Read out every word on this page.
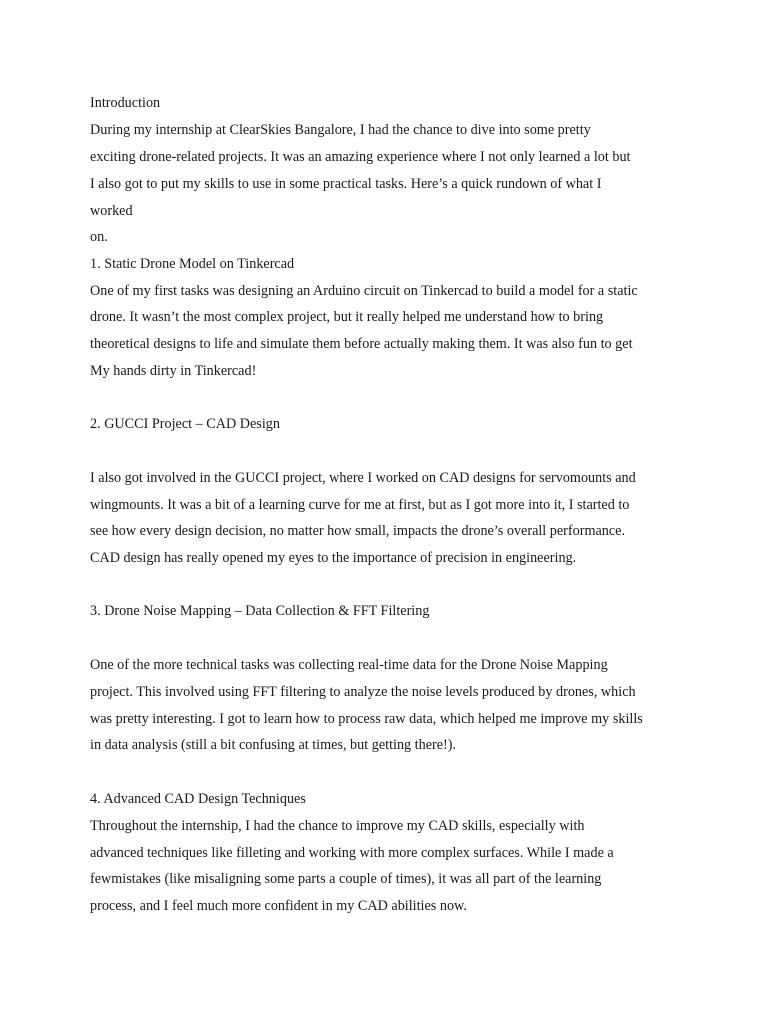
Introduction
During my internship at ClearSkies Bangalore, I had the chance to dive into some pretty
exciting drone-related projects. It was an amazing experience where I not only learned a lot but
I also got to put my skills to use in some practical tasks. Here’s a quick rundown of what I
worked
on.
1. Static Drone Model on Tinkercad
One of my first tasks was designing an Arduino circuit on Tinkercad to build a model for a static
drone. It wasn’t the most complex project, but it really helped me understand how to bring
theoretical designs to life and simulate them before actually making them. It was also fun to get
My hands dirty in Tinkercad!
2. GUCCI Project – CAD Design
I also got involved in the GUCCI project, where I worked on CAD designs for servomounts and
wingmounts. It was a bit of a learning curve for me at first, but as I got more into it, I started to
see how every design decision, no matter how small, impacts the drone’s overall performance.
CAD design has really opened my eyes to the importance of precision in engineering.
3. Drone Noise Mapping – Data Collection & FFT Filtering
One of the more technical tasks was collecting real-time data for the Drone Noise Mapping
project. This involved using FFT filtering to analyze the noise levels produced by drones, which
was pretty interesting. I got to learn how to process raw data, which helped me improve my skills
in data analysis (still a bit confusing at times, but getting there!).
4. Advanced CAD Design Techniques
Throughout the internship, I had the chance to improve my CAD skills, especially with
advanced techniques like filleting and working with more complex surfaces. While I made a
fewmistakes (like misaligning some parts a couple of times), it was all part of the learning
process, and I feel much more confident in my CAD abilities now.
